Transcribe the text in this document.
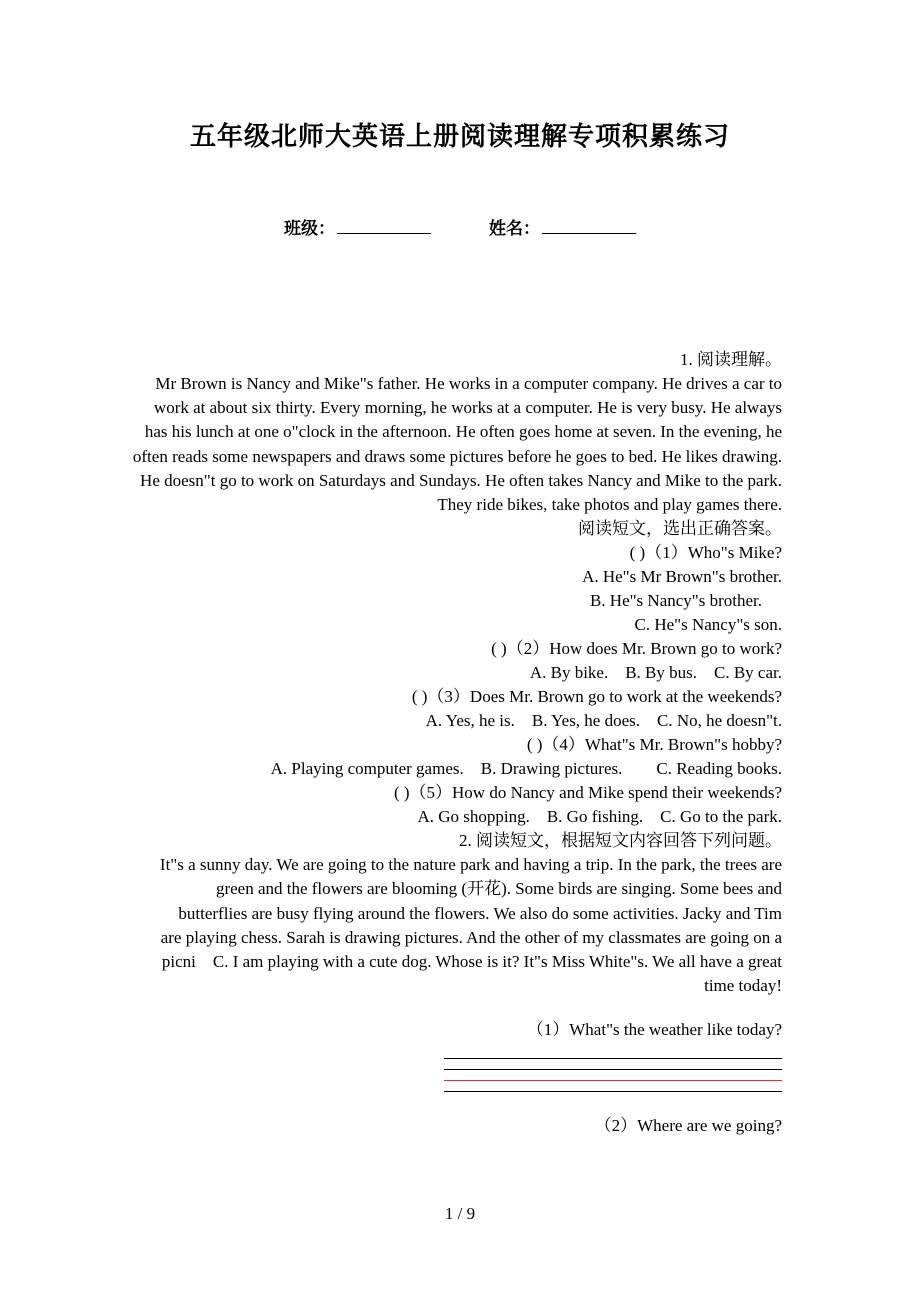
五年级北师大英语上册阅读理解专项积累练习
班级：	姓名：

1. 阅读理解。

Mr Brown is Nancy and Mike"s father. He works in a computer company. He drives a car to work at about six thirty. Every morning, he works at a computer. He is very busy. He always has his lunch at one o"clock in the afternoon. He often goes home at seven. In the evening, he often reads some newspapers and draws some pictures before he goes to bed. He likes drawing. He doesn"t go to work on Saturdays and Sundays. He often takes Nancy and Mike to the park. They ride bikes, take photos and play games there.

阅读短文，选出正确答案。

( )（1）Who"s Mike?

A. He"s Mr Brown"s brother.

B. He"s Nancy"s brother.

C. He"s Nancy"s son.

( )（2）How does Mr. Brown go to work?

A. By bike.    B. By bus.    C. By car.

( )（3）Does Mr. Brown go to work at the weekends?

A. Yes, he is.    B. Yes, he does.    C. No, he doesn"t.

( )（4）What"s Mr. Brown"s hobby?

A. Playing computer games.    B. Drawing pictures.        C. Reading books.

( )（5）How do Nancy and Mike spend their weekends?

A. Go shopping.    B. Go fishing.    C. Go to the park.

2. 阅读短文，根据短文内容回答下列问题。

It"s a sunny day. We are going to the nature park and having a trip. In the park, the trees are green and the flowers are blooming (开花). Some birds are singing. Some bees and butterflies are busy flying around the flowers. We also do some activities. Jacky and Tim are playing chess. Sarah is drawing pictures. And the other of my classmates are going on a picni    C. I am playing with a cute dog. Whose is it? It"s Miss White"s. We all have a great time today!

（1）What"s the weather like today?

（2）Where are we going?

1 / 9
